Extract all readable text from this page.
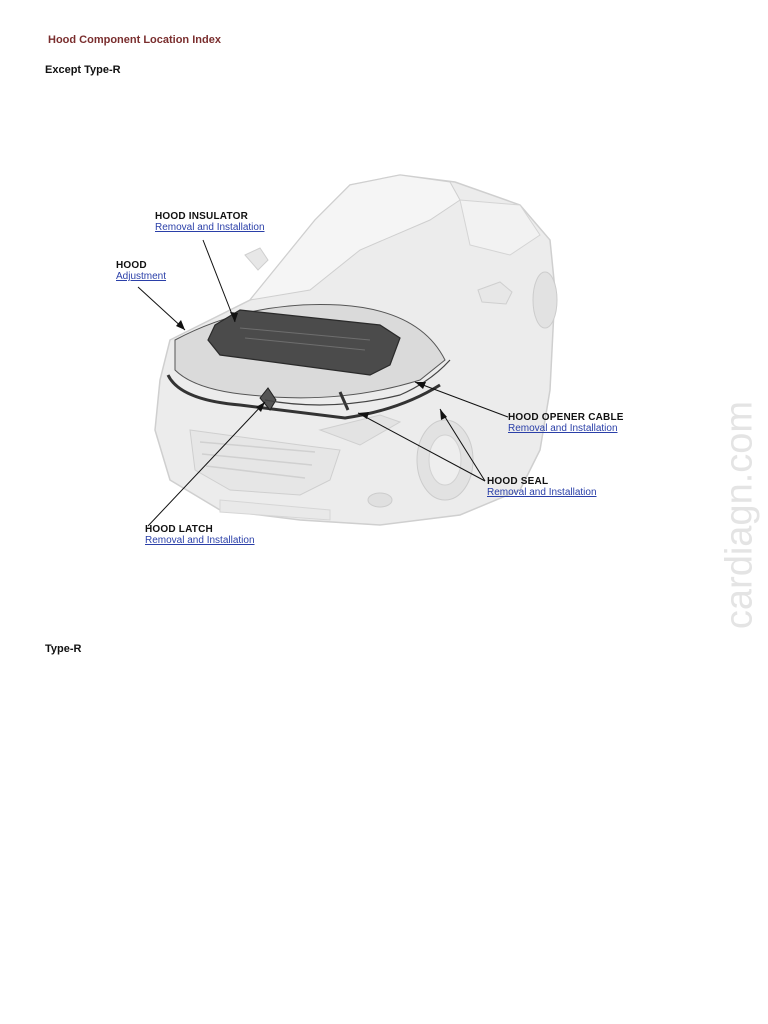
Hood Component Location Index
Except Type-R
HOOD INSULATOR
Removal and Installation
HOOD
Adjustment
HOOD OPENER CABLE
Removal and Installation
HOOD SEAL
Removal and Installation
HOOD LATCH
Removal and Installation
Type-R
cardiagn.com
